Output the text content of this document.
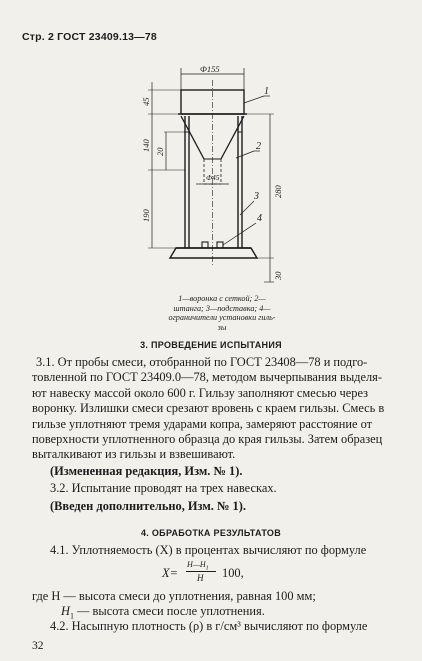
Стр. 2 ГОСТ 23409.13—78
Ф155
Ф45
45
140 20
190
280
30
1
2
3
4
1—воронка с сеткой; 2—
штанга; 3—подставка; 4—
ограничители установки гиль-
зы
3. ПРОВЕДЕНИЕ ИСПЫТАНИЯ
3.1. От пробы смеси, отобранной по ГОСТ 23408—78 и подго-
товленной по ГОСТ 23409.0—78, методом вычерпывания выделя-
ют навеску массой около 600 г. Гильзу заполняют смесью через
воронку. Излишки смеси срезают вровень с краем гильзы. Смесь в
гильзе уплотняют тремя ударами копра, замеряют расстояние от
поверхности уплотненного образца до края гильзы. Затем образец
выталкивают из гильзы и взвешивают.
(Измененная редакция, Изм. № 1).
3.2. Испытание проводят на трех навесках.
(Введен дополнительно, Изм. № 1).
4. ОБРАБОТКА РЕЗУЛЬТАТОВ
4.1. Уплотняемость (X) в процентах вычисляют по формуле
X=
$H—H_1$
H 100,
где H — высота смеси до уплотнения, равная 100 мм;
$H_1$ — высота смеси после уплотнения.
4.2. Насыпную плотность (ρ) в г/см³ вычисляют по формуле
32
